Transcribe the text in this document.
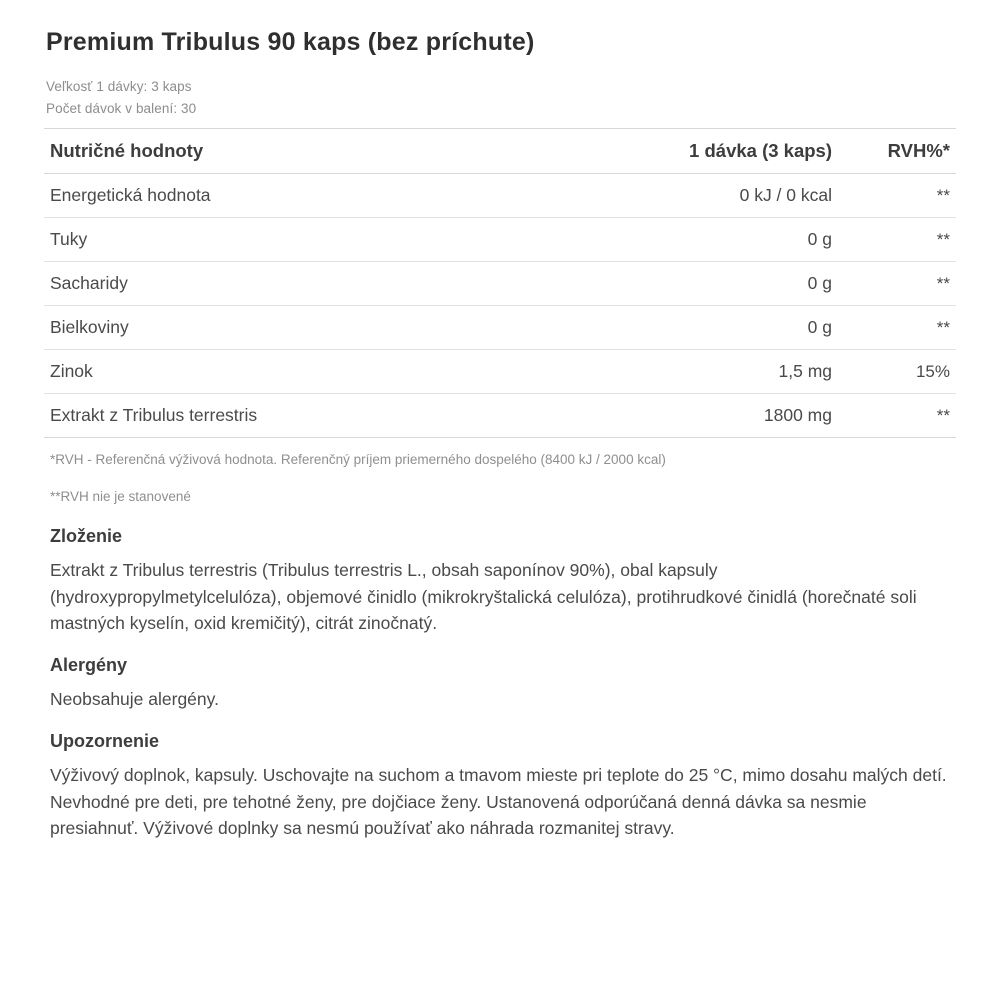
Premium Tribulus 90 kaps (bez príchute)
Veľkosť 1 dávky: 3 kaps
Počet dávok v balení: 30
Nutričné hodnoty	1 dávka (3 kaps)	RVH%*
Energetická hodnota	0 kJ / 0 kcal	**
Tuky	0 g	**
Sacharidy	0 g	**
Bielkoviny	0 g	**
Zinok	1,5 mg	15%
Extrakt z Tribulus terrestris	1800 mg	**

*RVH - Referenčná výživová hodnota. Referenčný príjem priemerného dospelého (8400 kJ / 2000 kcal)

**RVH nie je stanovené

Zloženie

Extrakt z Tribulus terrestris (Tribulus terrestris L., obsah saponínov 90%), obal kapsuly (hydroxypropylmetylcelulóza), objemové činidlo (mikrokryštalická celulóza), protihrudkové činidlá (horečnaté soli mastných kyselín, oxid kremičitý), citrát zinočnatý.

Alergény

Neobsahuje alergény.

Upozornenie

Výživový doplnok, kapsuly. Uschovajte na suchom a tmavom mieste pri teplote do 25 °C, mimo dosahu malých detí. Nevhodné pre deti, pre tehotné ženy, pre dojčiace ženy. Ustanovená odporúčaná denná dávka sa nesmie presiahnuť. Výživové doplnky sa nesmú používať ako náhrada rozmanitej stravy.
